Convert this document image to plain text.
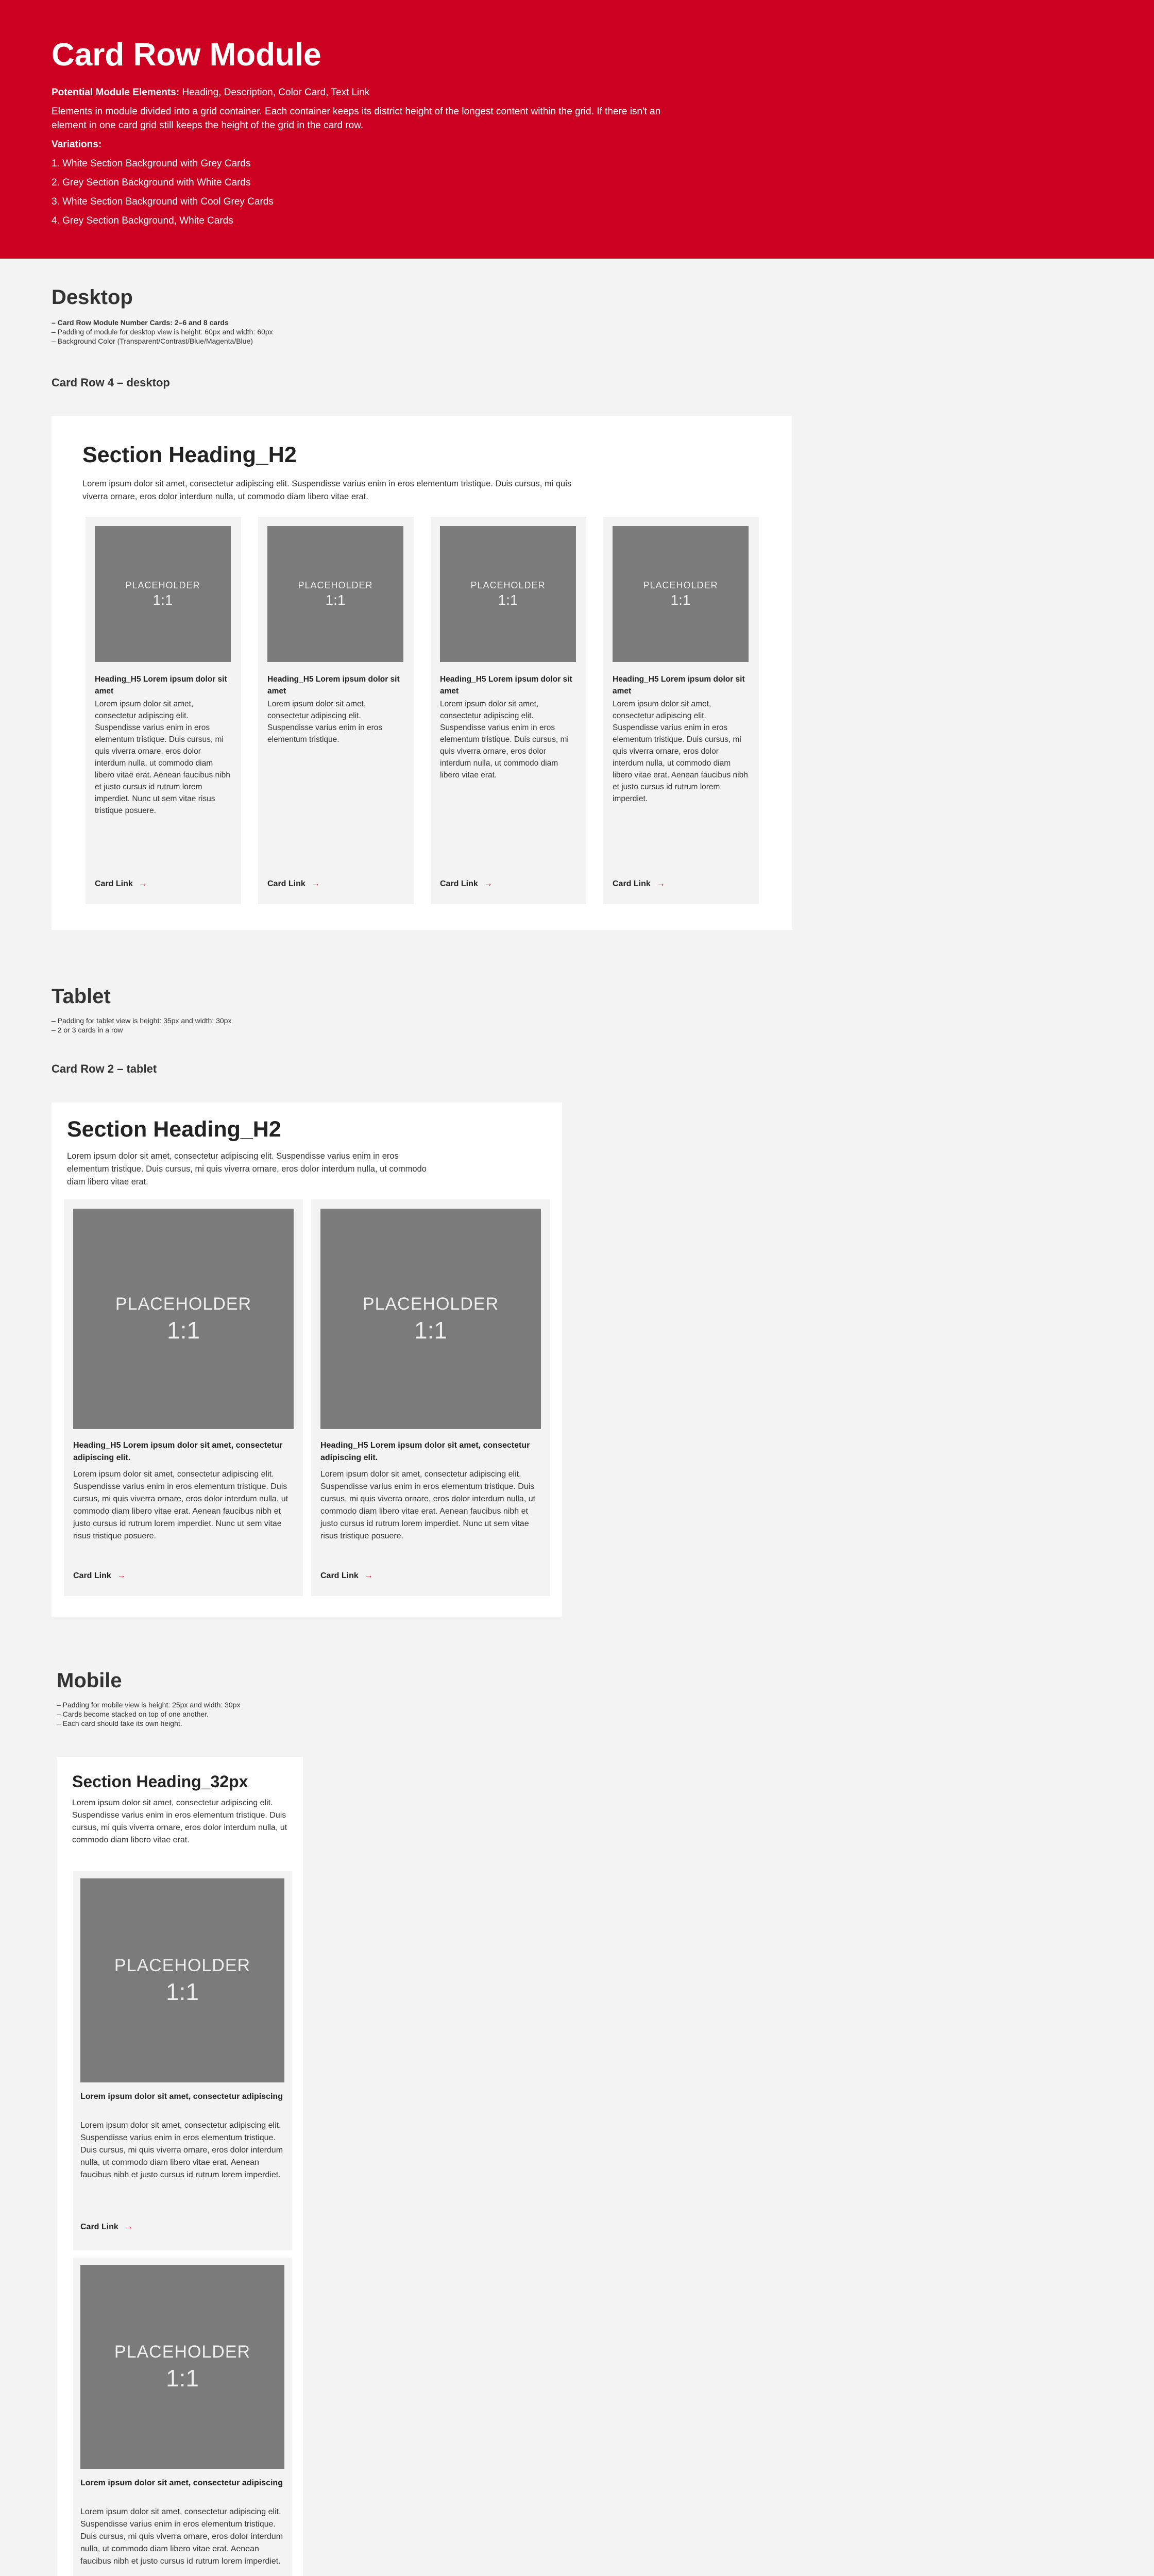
Card Row Module

Potential Module Elements: Heading, Description, Color Card, Text Link

Elements in module divided into a grid container. Each container keeps its district height of the longest content within the grid. If there isn't an element in one card grid still keeps the height of the grid in the card row.

Variations:

1. White Section Background with Grey Cards

2. Grey Section Background with White Cards

3. White Section Background with Cool Grey Cards

4. Grey Section Background, White Cards

Desktop
– Card Row Module Number Cards: 2–6 and 8 cards
– Padding of module for desktop view is height: 60px and width: 60px
– Background Color (Transparent/Contrast/Blue/Magenta/Blue)
Card Row 4 – desktop
Section Heading_H2
Lorem ipsum dolor sit amet, consectetur adipiscing elit. Suspendisse varius enim in eros elementum tristique. Duis cursus, mi quis viverra ornare, eros dolor interdum nulla, ut commodo diam libero vitae erat.
PLACEHOLDER
1:1
Heading_H5 Lorem ipsum dolor sit amet
Lorem ipsum dolor sit amet, consectetur adipiscing elit. Suspendisse varius enim in eros elementum tristique. Duis cursus, mi quis viverra ornare, eros dolor interdum nulla, ut commodo diam libero vitae erat. Aenean faucibus nibh et justo cursus id rutrum lorem imperdiet. Nunc ut sem vitae risus tristique posuere.
Card Link →
PLACEHOLDER
1:1
Heading_H5 Lorem ipsum dolor sit amet
Lorem ipsum dolor sit amet, consectetur adipiscing elit. Suspendisse varius enim in eros elementum tristique.
Card Link →
PLACEHOLDER
1:1
Heading_H5 Lorem ipsum dolor sit amet
Lorem ipsum dolor sit amet, consectetur adipiscing elit. Suspendisse varius enim in eros elementum tristique. Duis cursus, mi quis viverra ornare, eros dolor interdum nulla, ut commodo diam libero vitae erat.
Card Link →
PLACEHOLDER
1:1
Heading_H5 Lorem ipsum dolor sit amet
Lorem ipsum dolor sit amet, consectetur adipiscing elit. Suspendisse varius enim in eros elementum tristique. Duis cursus, mi quis viverra ornare, eros dolor interdum nulla, ut commodo diam libero vitae erat. Aenean faucibus nibh et justo cursus id rutrum lorem imperdiet.
Card Link →
Tablet
– Padding for tablet view is height: 35px and width: 30px
– 2 or 3 cards in a row
Card Row 2 – tablet
Section Heading_H2
Lorem ipsum dolor sit amet, consectetur adipiscing elit. Suspendisse varius enim in eros elementum tristique. Duis cursus, mi quis viverra ornare, eros dolor interdum nulla, ut commodo diam libero vitae erat.
PLACEHOLDER
1:1
Heading_H5 Lorem ipsum dolor sit amet, consectetur adipiscing elit.
Lorem ipsum dolor sit amet, consectetur adipiscing elit. Suspendisse varius enim in eros elementum tristique. Duis cursus, mi quis viverra ornare, eros dolor interdum nulla, ut commodo diam libero vitae erat. Aenean faucibus nibh et justo cursus id rutrum lorem imperdiet. Nunc ut sem vitae risus tristique posuere.
Card Link →
PLACEHOLDER
1:1
Heading_H5 Lorem ipsum dolor sit amet, consectetur adipiscing elit.
Lorem ipsum dolor sit amet, consectetur adipiscing elit. Suspendisse varius enim in eros elementum tristique. Duis cursus, mi quis viverra ornare, eros dolor interdum nulla, ut commodo diam libero vitae erat. Aenean faucibus nibh et justo cursus id rutrum lorem imperdiet. Nunc ut sem vitae risus tristique posuere.
Card Link →
Mobile
– Padding for mobile view is height: 25px and width: 30px
– Cards become stacked on top of one another.
– Each card should take its own height.
Section Heading_32px
Lorem ipsum dolor sit amet, consectetur adipiscing elit. Suspendisse varius enim in eros elementum tristique. Duis cursus, mi quis viverra ornare, eros dolor interdum nulla, ut commodo diam libero vitae erat.
PLACEHOLDER
1:1
Lorem ipsum dolor sit amet, consectetur adipiscing
Lorem ipsum dolor sit amet, consectetur adipiscing elit. Suspendisse varius enim in eros elementum tristique. Duis cursus, mi quis viverra ornare, eros dolor interdum nulla, ut commodo diam libero vitae erat. Aenean faucibus nibh et justo cursus id rutrum lorem imperdiet.
Card Link →
PLACEHOLDER
1:1
Lorem ipsum dolor sit amet, consectetur adipiscing
Lorem ipsum dolor sit amet, consectetur adipiscing elit. Suspendisse varius enim in eros elementum tristique. Duis cursus, mi quis viverra ornare, eros dolor interdum nulla, ut commodo diam libero vitae erat. Aenean faucibus nibh et justo cursus id rutrum lorem imperdiet.
